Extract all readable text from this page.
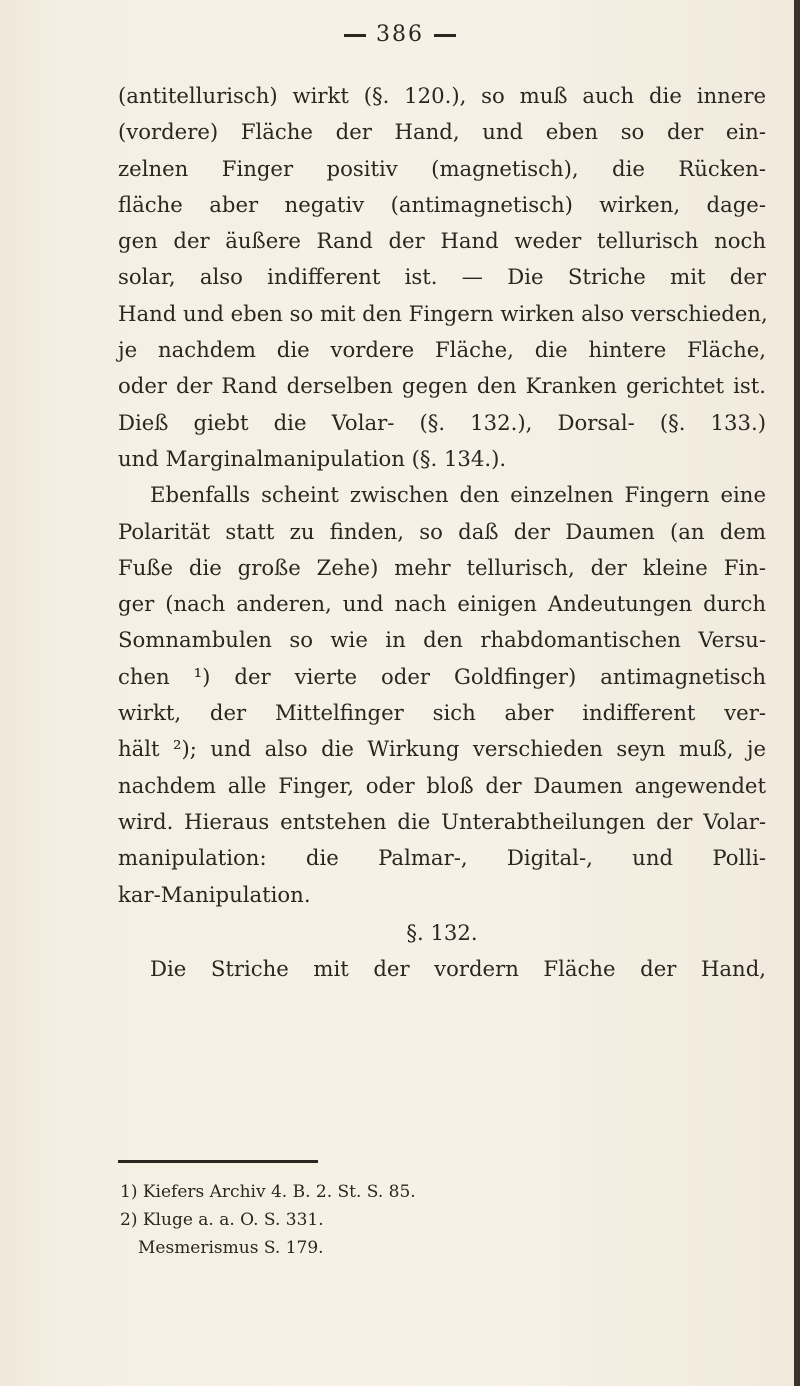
386
(antitellurisch) wirkt (§. 120.), so muß auch die innere
(vordere) Fläche der Hand, und eben so der ein-
zelnen Finger positiv (magnetisch), die Rücken-
fläche aber negativ (antimagnetisch) wirken, dage-
gen der äußere Rand der Hand weder tellurisch noch
solar, also indifferent ist. — Die Striche mit der
Hand und eben so mit den Fingern wirken also verschieden,
je nachdem die vordere Fläche, die hintere Fläche,
oder der Rand derselben gegen den Kranken gerichtet ist.
Dieß giebt die Volar- (§. 132.), Dorsal- (§. 133.)
und Marginalmanipulation (§. 134.).
Ebenfalls scheint zwischen den einzelnen Fingern eine
Polarität statt zu finden, so daß der Daumen (an dem
Fuße die große Zehe) mehr tellurisch, der kleine Fin-
ger (nach anderen, und nach einigen Andeutungen durch
Somnambulen so wie in den rhabdomantischen Versu-
chen ¹) der vierte oder Goldfinger) antimagnetisch
wirkt, der Mittelfinger sich aber indifferent ver-
hält ²); und also die Wirkung verschieden seyn muß, je
nachdem alle Finger, oder bloß der Daumen angewendet
wird. Hieraus entstehen die Unterabtheilungen der Volar-
manipulation: die Palmar-, Digital-, und Polli-
kar-Manipulation.
§. 132.
Die Striche mit der vordern Fläche der Hand,
1) Kiefers Archiv 4. B. 2. St. S. 85.
2) Kluge a. a. O. S. 331.
Mesmerismus S. 179.
